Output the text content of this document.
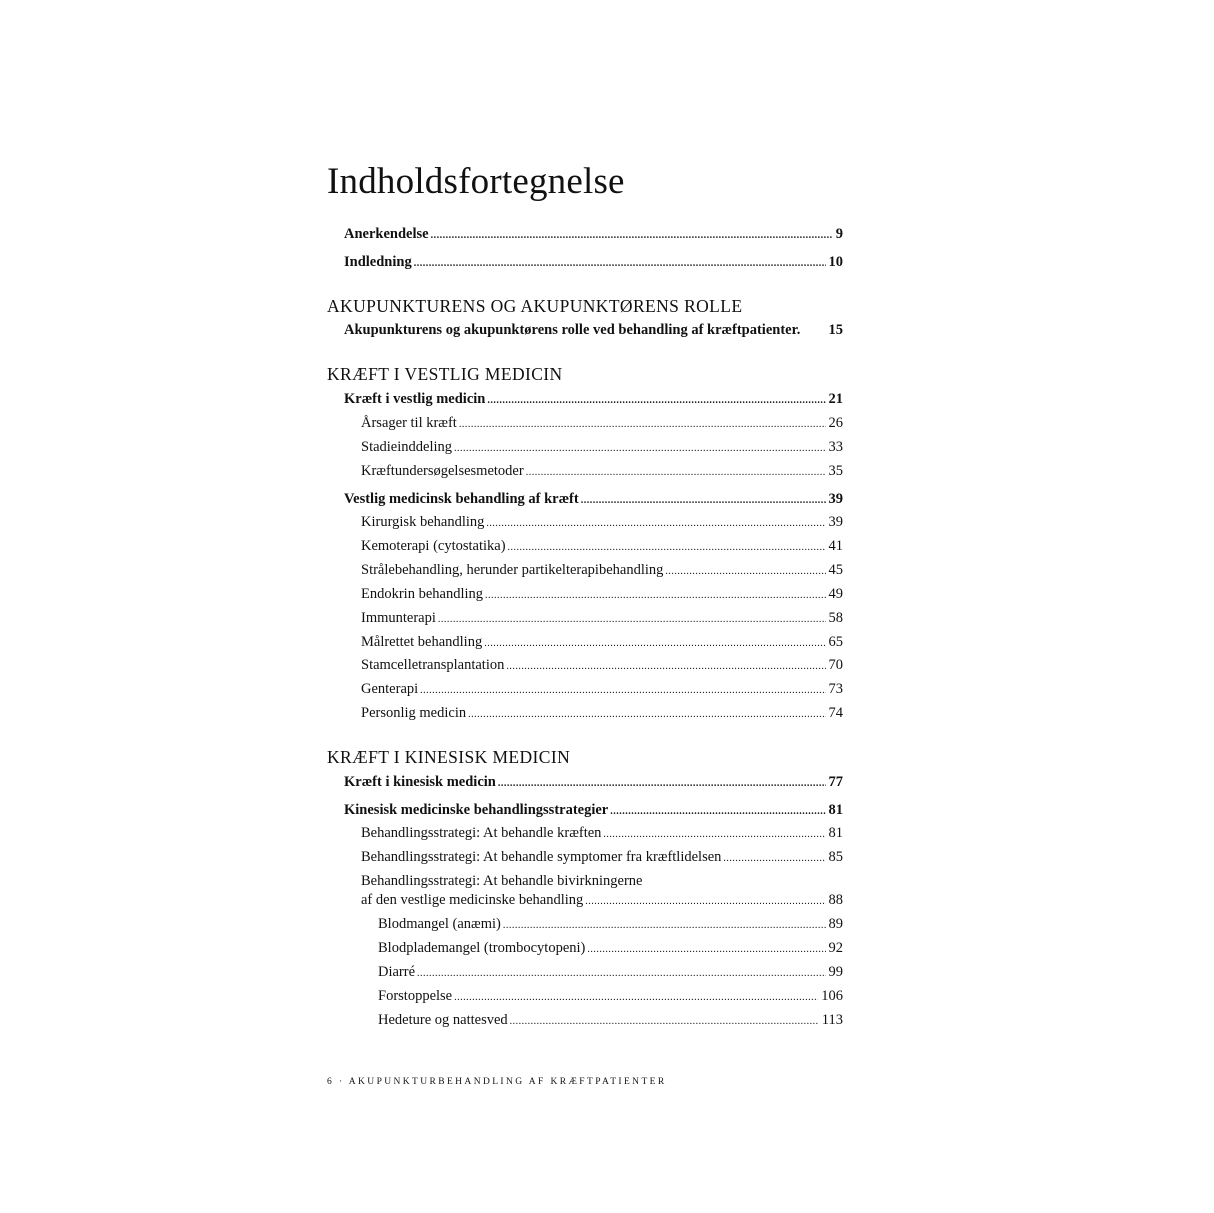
Indholdsfortegnelse
Anerkendelse .....	9
Indledning .....	10
AKUPUNKTURENS OG AKUPUNKTØRENS ROLLE
Akupunkturens og akupunktørens rolle ved behandling af kræftpatienter.	15
KRÆFT I VESTLIG MEDICIN
Kræft i vestlig medicin .....	21
Årsager til kræft .....	26
Stadieinddeling .....	33
Kræftundersøgelsesmetoder .....	35
Vestlig medicinsk behandling af kræft .....	39
Kirurgisk behandling .....	39
Kemoterapi (cytostatika) .....	41
Strålebehandling, herunder partikelterapibehandling .....	45
Endokrin behandling .....	49
Immunterapi .....	58
Målrettet behandling .....	65
Stamcelletransplantation .....	70
Genterapi .....	73
Personlig medicin .....	74
KRÆFT I KINESISK MEDICIN
Kræft i kinesisk medicin .....	77
Kinesisk medicinske behandlingsstrategier .....	81
Behandlingsstrategi: At behandle kræften .....	81
Behandlingsstrategi: At behandle symptomer fra kræftlidelsen .....	85
Behandlingsstrategi: At behandle bivirkningerne
af den vestlige medicinske behandling .....	88
Blodmangel (anæmi) .....	89
Blodplademangel (trombocytopeni) .....	92
Diarré .....	99
Forstoppelse .....	106
Hedeture og nattesved .....	113
6 · AKUPUNKTURBEHANDLING AF KRÆFTPATIENTER
